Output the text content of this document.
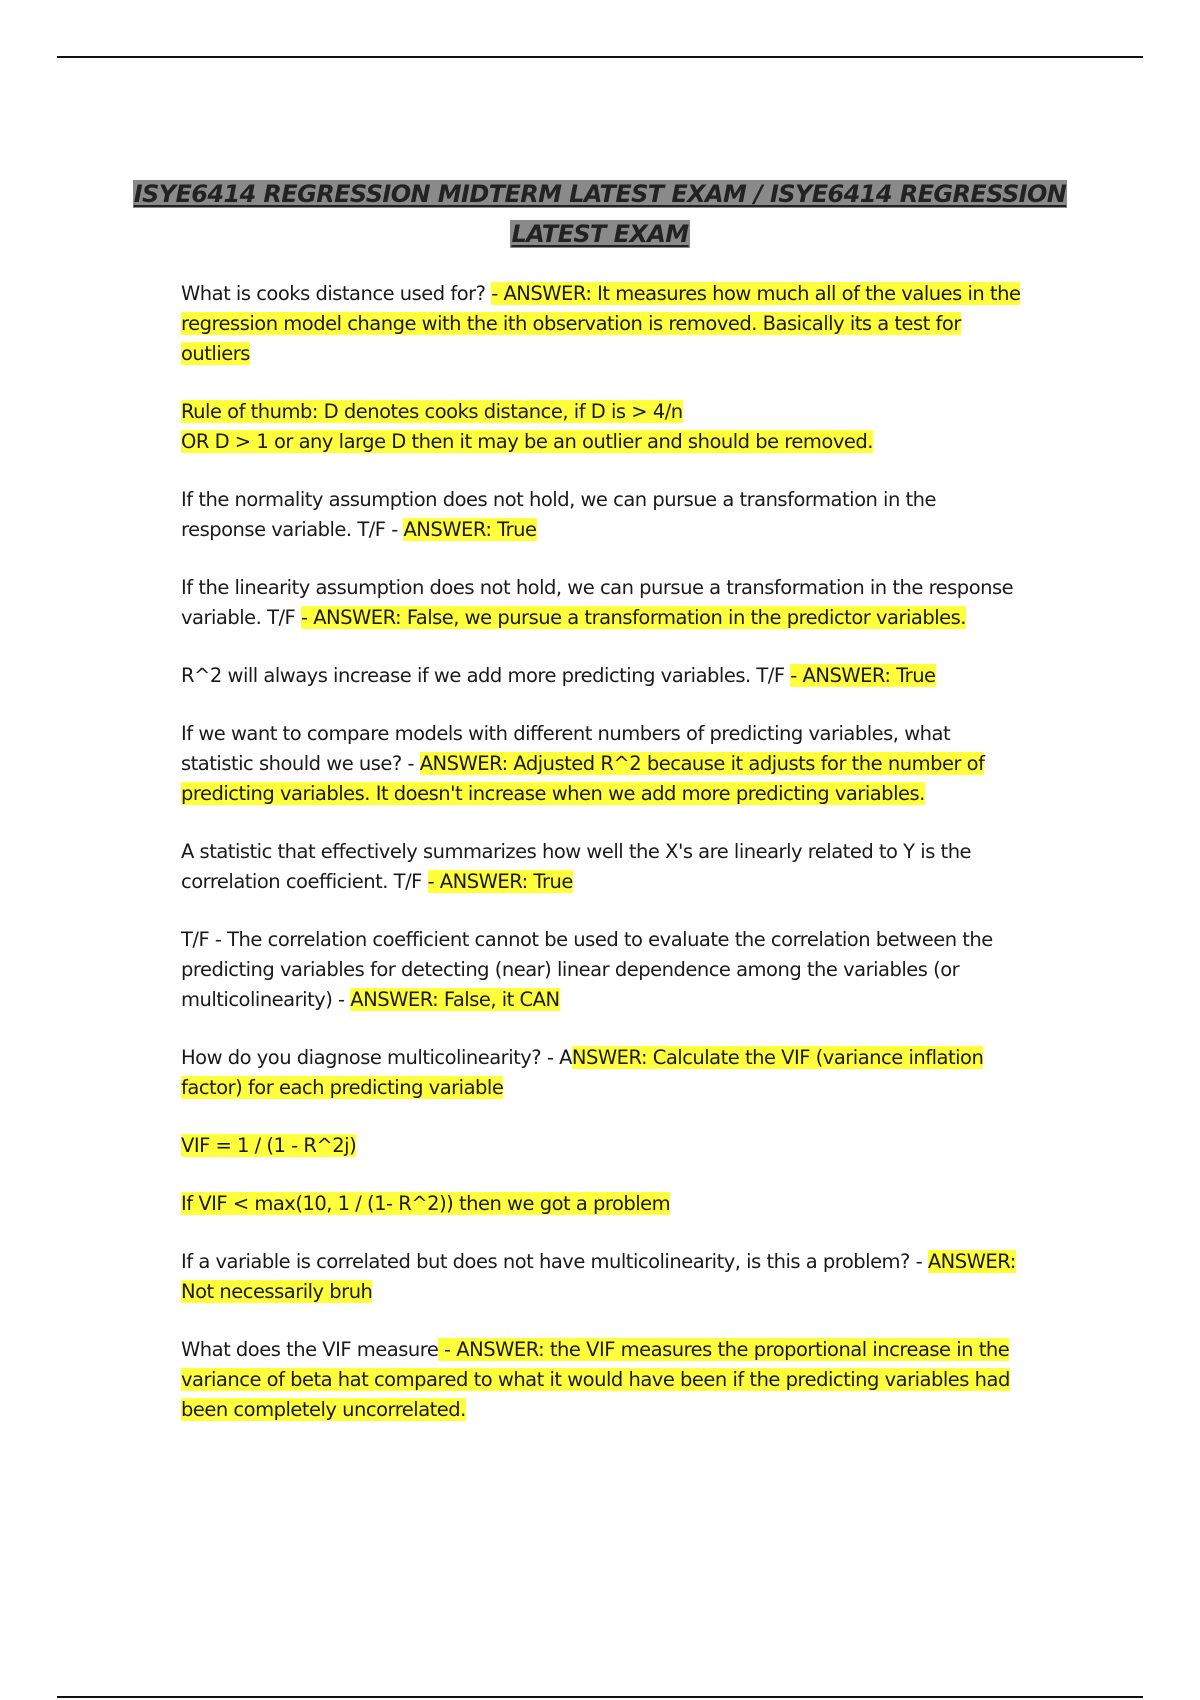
ISYE6414 REGRESSION MIDTERM LATEST EXAM / ISYE6414 REGRESSION LATEST EXAM

What is cooks distance used for? - ANSWER: It measures how much all of the values in the regression model change with the ith observation is removed. Basically its a test for outliers

Rule of thumb: D denotes cooks distance, if D is > 4/n
OR D > 1 or any large D then it may be an outlier and should be removed.

If the normality assumption does not hold, we can pursue a transformation in the response variable. T/F - ANSWER: True

If the linearity assumption does not hold, we can pursue a transformation in the response variable. T/F - ANSWER: False, we pursue a transformation in the predictor variables.

R^2 will always increase if we add more predicting variables. T/F - ANSWER: True

If we want to compare models with different numbers of predicting variables, what statistic should we use? - ANSWER: Adjusted R^2 because it adjusts for the number of predicting variables. It doesn't increase when we add more predicting variables.

A statistic that effectively summarizes how well the X's are linearly related to Y is the correlation coefficient. T/F - ANSWER: True

T/F - The correlation coefficient cannot be used to evaluate the correlation between the predicting variables for detecting (near) linear dependence among the variables (or multicolinearity) - ANSWER: False, it CAN

How do you diagnose multicolinearity? - ANSWER: Calculate the VIF (variance inflation factor) for each predicting variable

VIF = 1 / (1 - R^2j)

If VIF < max(10, 1 / (1- R^2)) then we got a problem

If a variable is correlated but does not have multicolinearity, is this a problem? - ANSWER: Not necessarily bruh

What does the VIF measure - ANSWER: the VIF measures the proportional increase in the variance of beta hat compared to what it would have been if the predicting variables had been completely uncorrelated.
